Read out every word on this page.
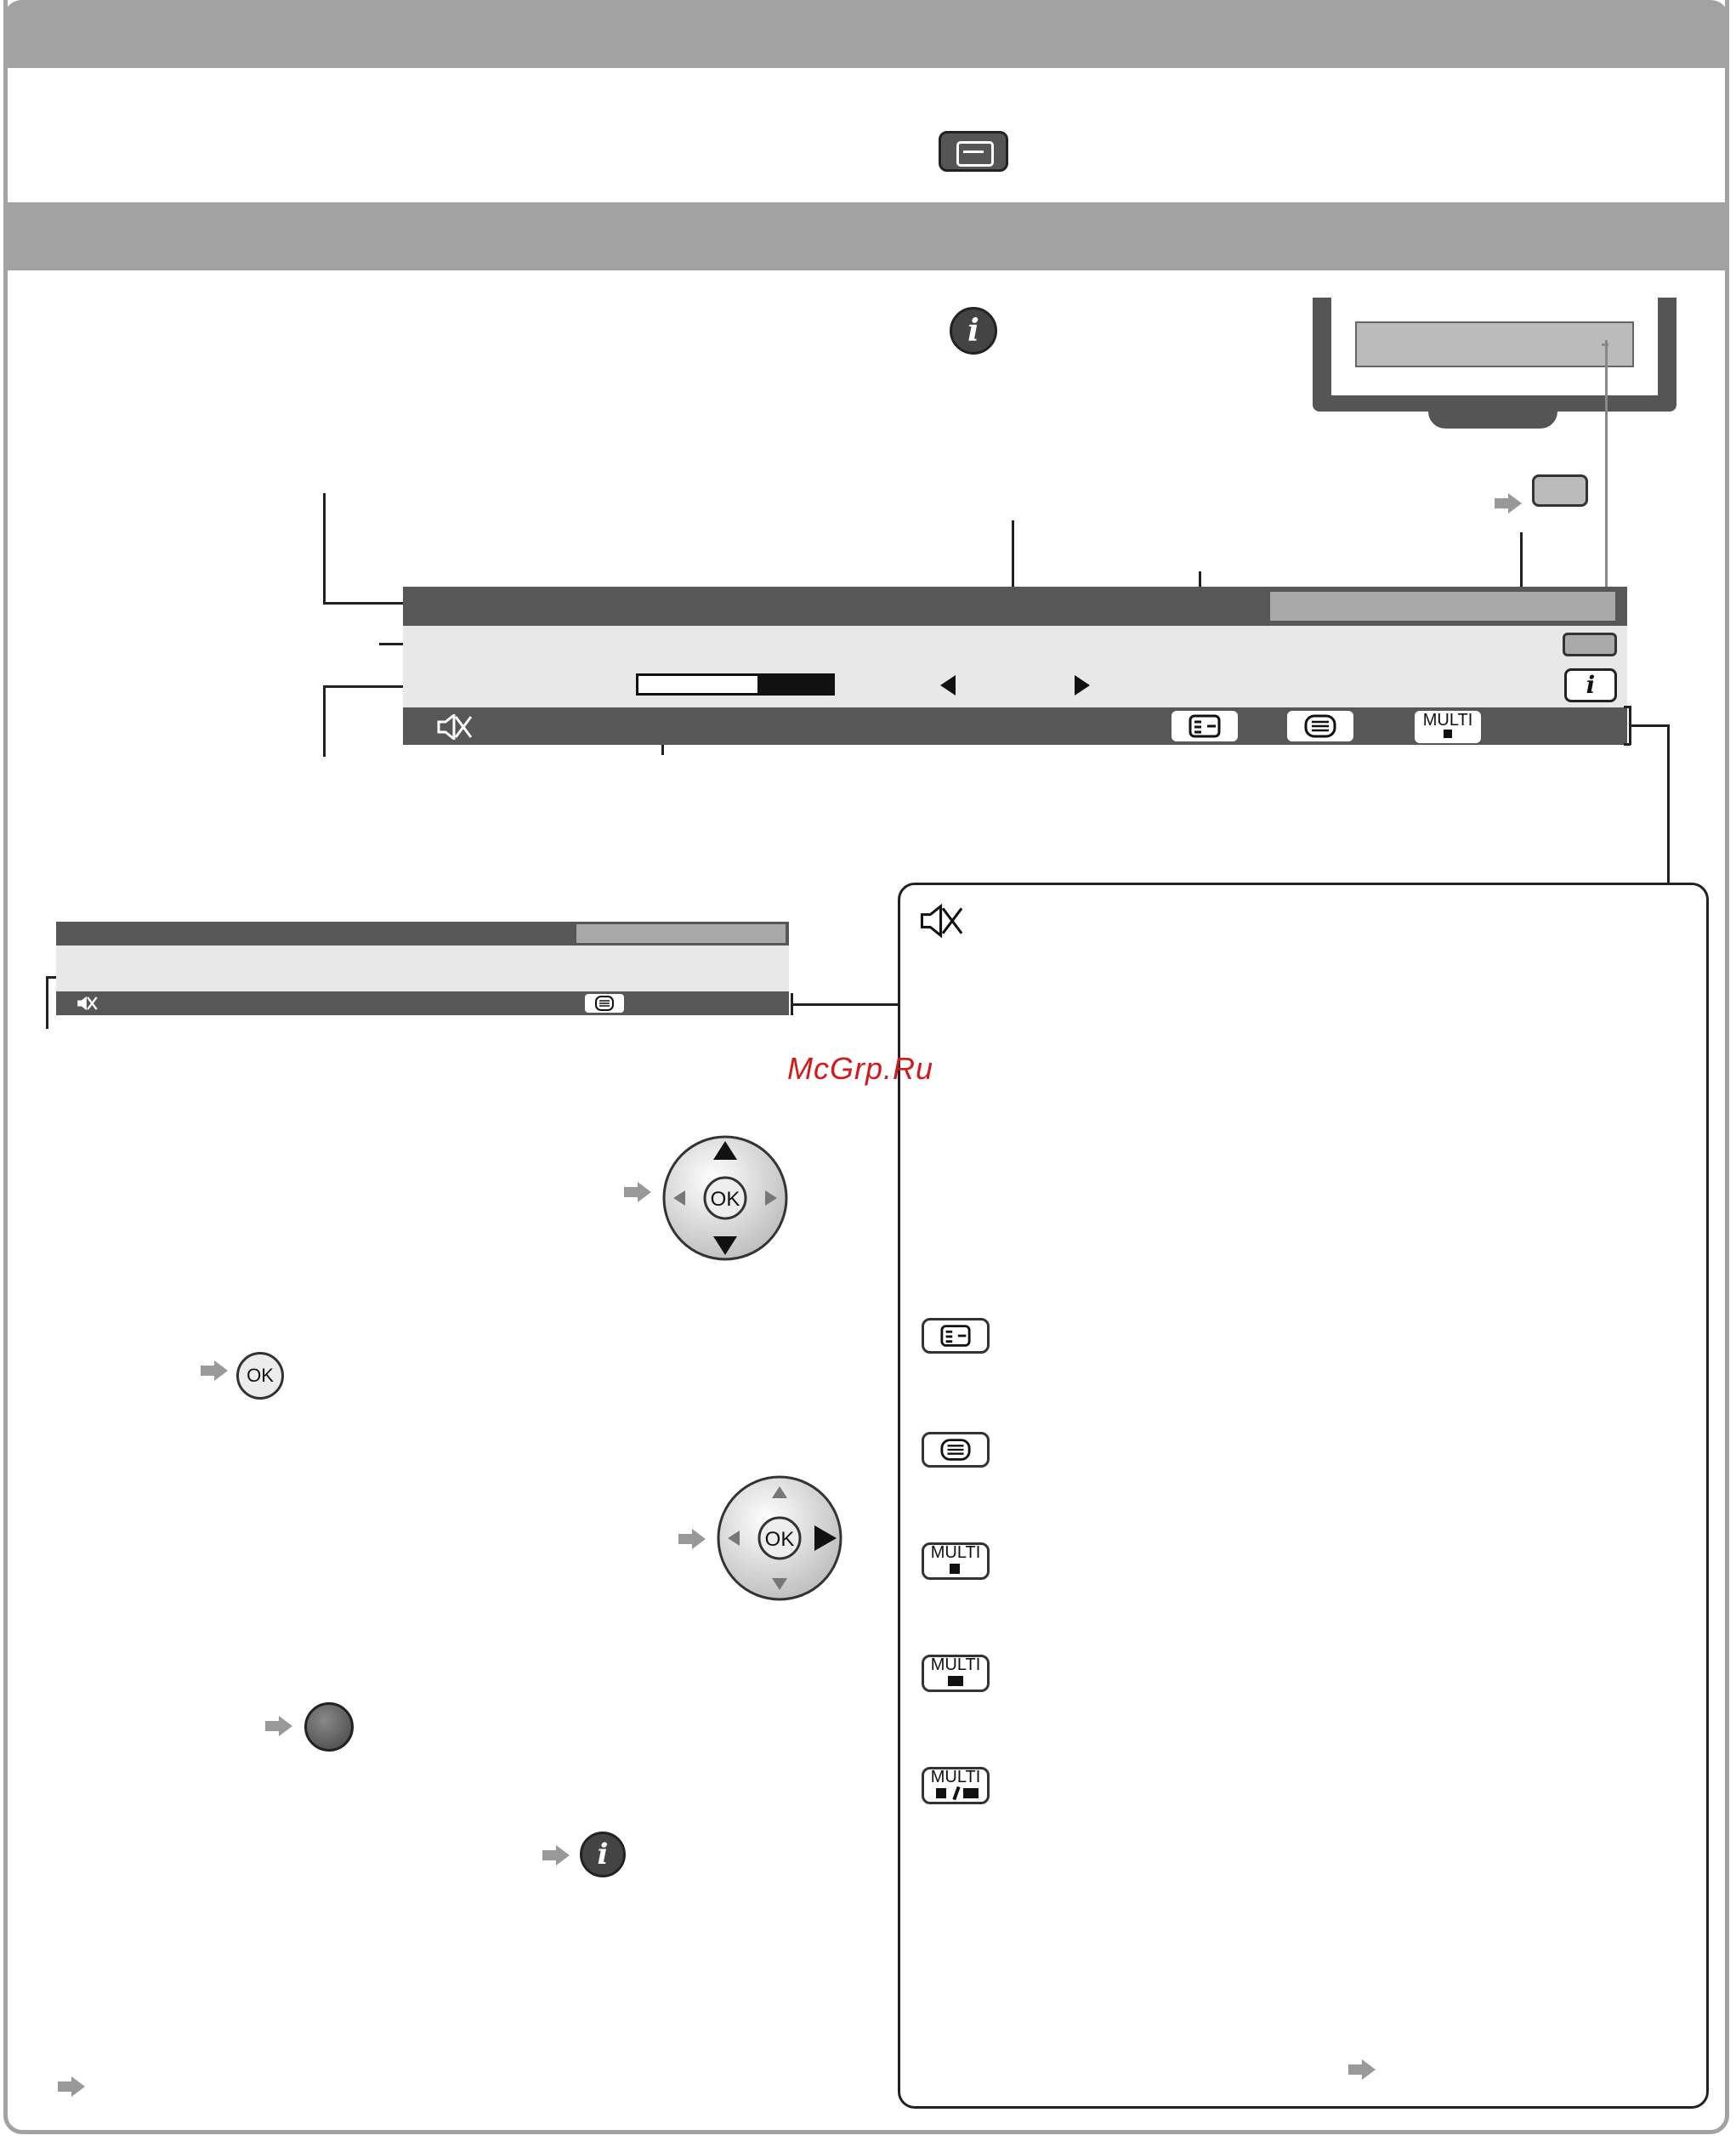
i
i
MULTI
MULTI
MULTI
MULTI
McGrp.Ru
OK
OK
OK
i
